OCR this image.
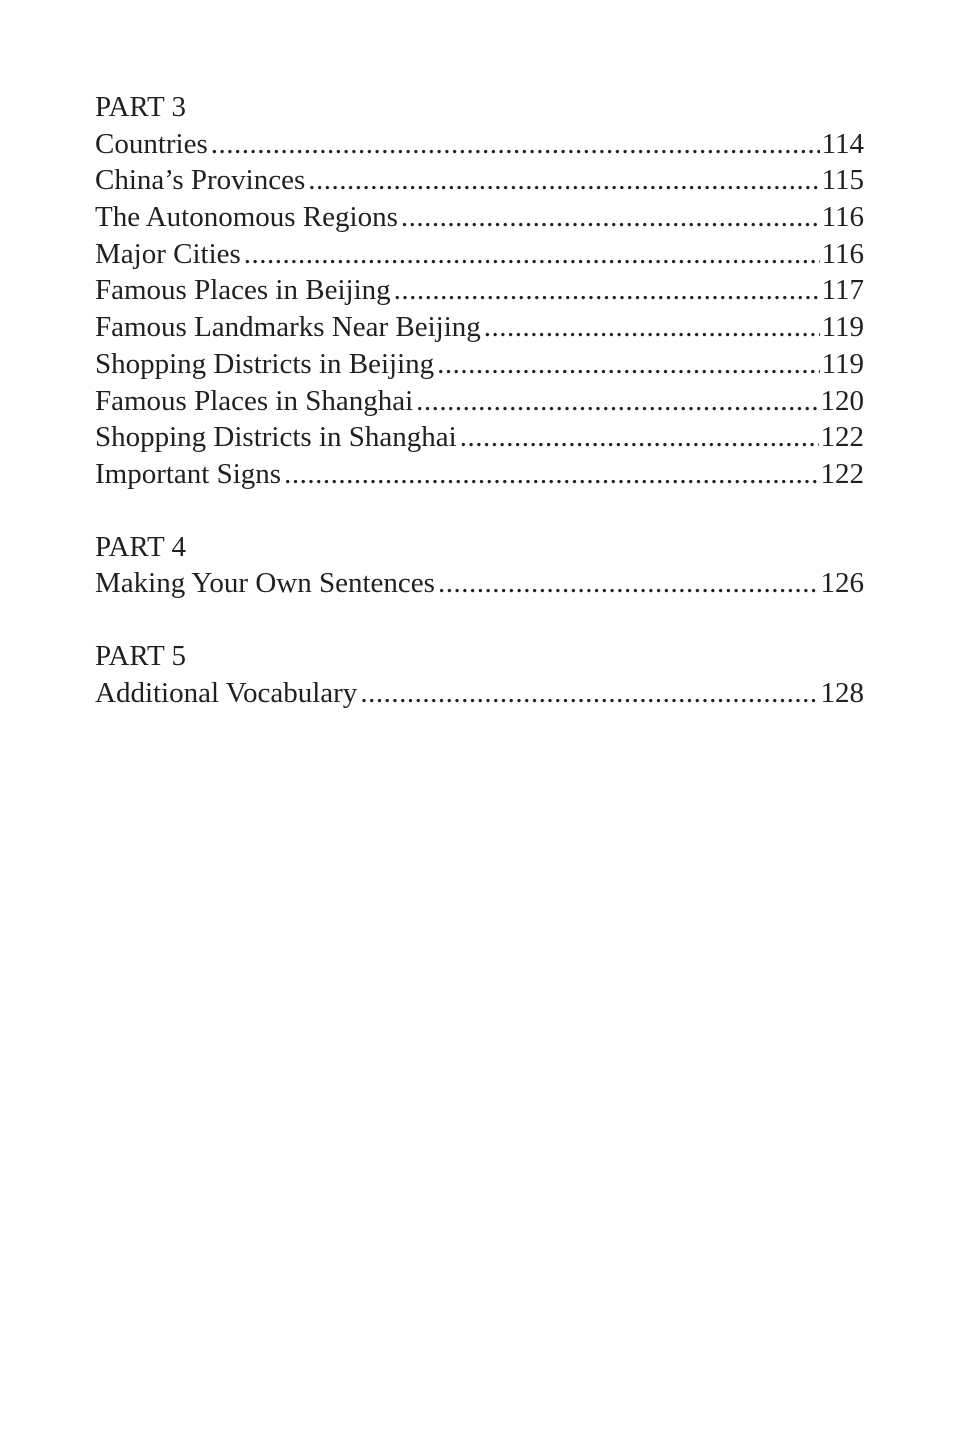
PART 3
Countries .....	114
China’s Provinces .....	115
The Autonomous Regions .....	116
Major Cities .....	116
Famous Places in Beijing .....	117
Famous Landmarks Near Beijing .....	119
Shopping Districts in Beijing .....	119
Famous Places in Shanghai .....	120
Shopping Districts in Shanghai .....	122
Important Signs .....	122
PART 4
Making Your Own Sentences .....	126
PART 5
Additional Vocabulary .....	128
